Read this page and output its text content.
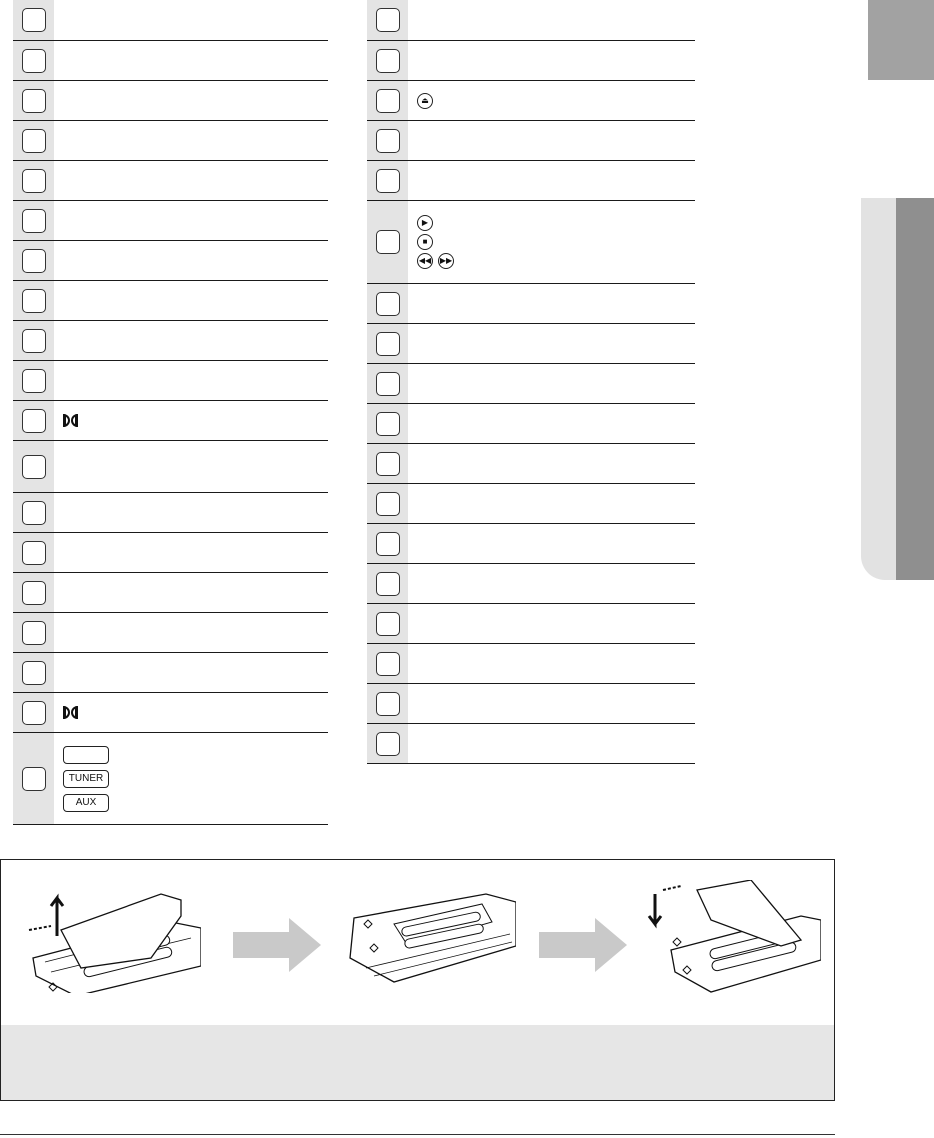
TUNER
AUX
⏏
▶
■
◀◀ ▶▶
